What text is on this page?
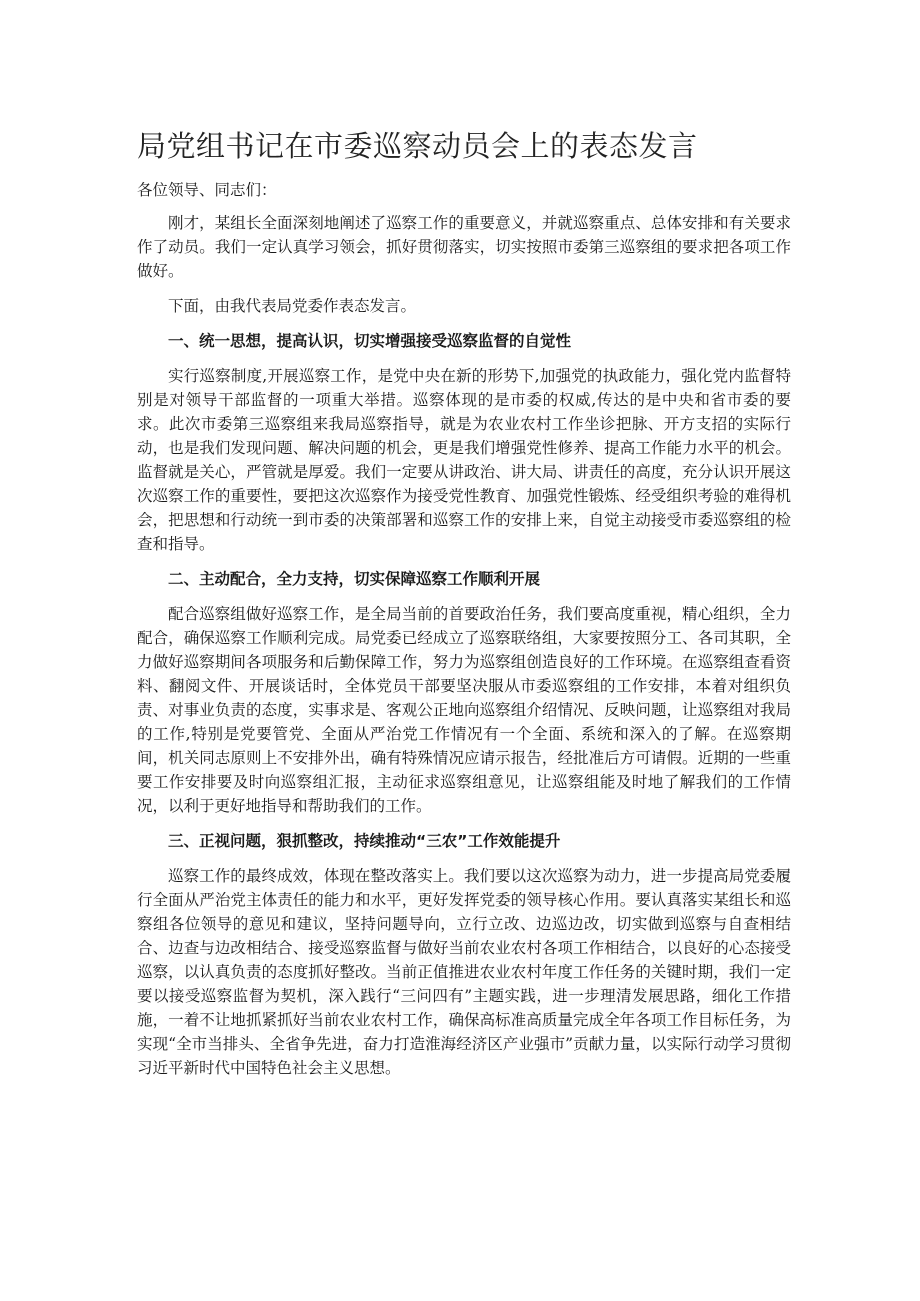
局党组书记在市委巡察动员会上的表态发言
各位领导、同志们：

刚才，某组长全面深刻地阐述了巡察工作的重要意义，并就巡察重点、总体安排和有关要求作了动员。我们一定认真学习领会，抓好贯彻落实，切实按照市委第三巡察组的要求把各项工作做好。

下面，由我代表局党委作表态发言。

一、统一思想，提高认识，切实增强接受巡察监督的自觉性

实行巡察制度,开展巡察工作，是党中央在新的形势下,加强党的执政能力，强化党内监督特别是对领导干部监督的一项重大举措。巡察体现的是市委的权威,传达的是中央和省市委的要求。此次市委第三巡察组来我局巡察指导，就是为农业农村工作坐诊把脉、开方支招的实际行动，也是我们发现问题、解决问题的机会，更是我们增强党性修养、提高工作能力水平的机会。监督就是关心，严管就是厚爱。我们一定要从讲政治、讲大局、讲责任的高度，充分认识开展这次巡察工作的重要性，要把这次巡察作为接受党性教育、加强党性锻炼、经受组织考验的难得机会，把思想和行动统一到市委的决策部署和巡察工作的安排上来，自觉主动接受市委巡察组的检查和指导。

二、主动配合，全力支持，切实保障巡察工作顺利开展

配合巡察组做好巡察工作，是全局当前的首要政治任务，我们要高度重视，精心组织，全力配合，确保巡察工作顺利完成。局党委已经成立了巡察联络组，大家要按照分工、各司其职，全力做好巡察期间各项服务和后勤保障工作，努力为巡察组创造良好的工作环境。在巡察组查看资料、翻阅文件、开展谈话时，全体党员干部要坚决服从市委巡察组的工作安排，本着对组织负责、对事业负责的态度，实事求是、客观公正地向巡察组介绍情况、反映问题，让巡察组对我局的工作,特别是党要管党、全面从严治党工作情况有一个全面、系统和深入的了解。在巡察期间，机关同志原则上不安排外出，确有特殊情况应请示报告，经批准后方可请假。近期的一些重要工作安排要及时向巡察组汇报，主动征求巡察组意见，让巡察组能及时地了解我们的工作情况，以利于更好地指导和帮助我们的工作。

三、正视问题，狠抓整改，持续推动“三农”工作效能提升

巡察工作的最终成效，体现在整改落实上。我们要以这次巡察为动力，进一步提高局党委履行全面从严治党主体责任的能力和水平，更好发挥党委的领导核心作用。要认真落实某组长和巡察组各位领导的意见和建议，坚持问题导向，立行立改、边巡边改，切实做到巡察与自查相结合、边查与边改相结合、接受巡察监督与做好当前农业农村各项工作相结合，以良好的心态接受巡察，以认真负责的态度抓好整改。当前正值推进农业农村年度工作任务的关键时期，我们一定要以接受巡察监督为契机，深入践行“三问四有”主题实践，进一步理清发展思路，细化工作措施，一着不让地抓紧抓好当前农业农村工作，确保高标准高质量完成全年各项工作目标任务，为实现“全市当排头、全省争先进，奋力打造淮海经济区产业强市”贡献力量，以实际行动学习贯彻习近平新时代中国特色社会主义思想。
